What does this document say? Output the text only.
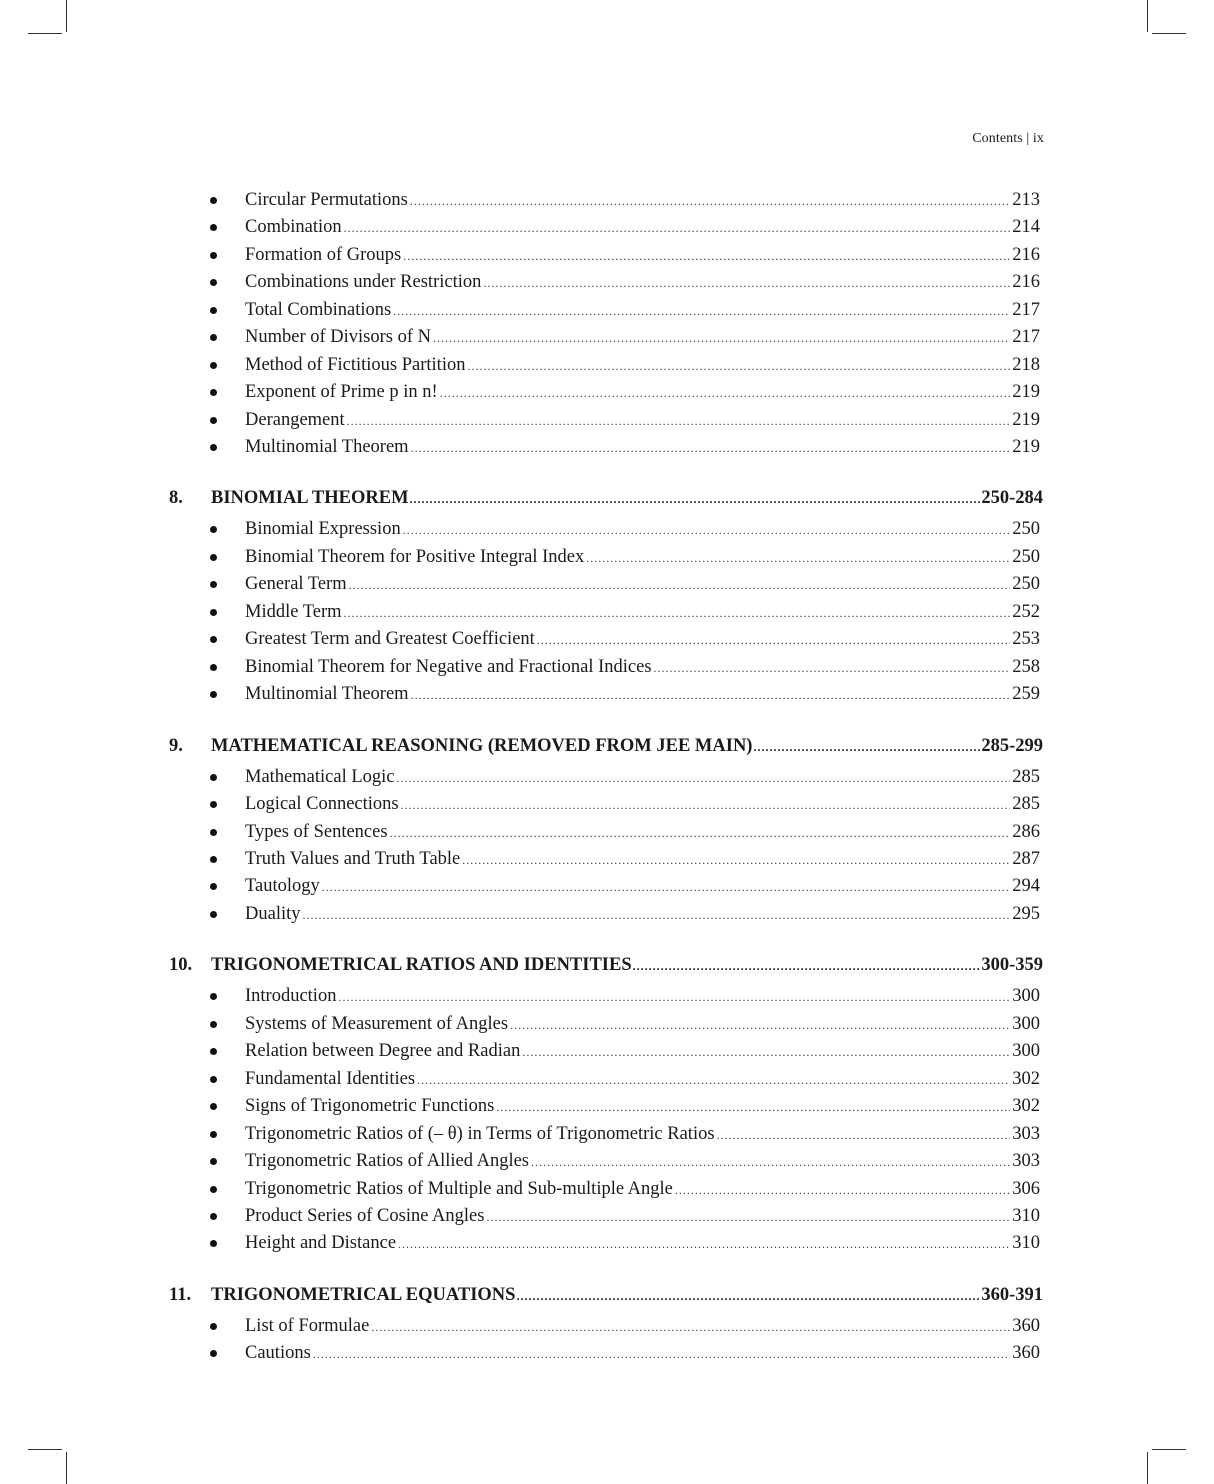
Contents | ix
Circular Permutations .....	213
Combination .....	214
Formation of Groups .....	216
Combinations under Restriction .....	216
Total Combinations .....	217
Number of Divisors of N .....	217
Method of Fictitious Partition .....	218
Exponent of Prime p in n! .....	219
Derangement .....	219
Multinomial Theorem .....	219
8.	BINOMIAL THEOREM .....	250-284
Binomial Expression .....	250
Binomial Theorem for Positive Integral Index .....	250
General Term .....	250
Middle Term .....	252
Greatest Term and Greatest Coefficient .....	253
Binomial Theorem for Negative and Fractional Indices .....	258
Multinomial Theorem .....	259
9.	MATHEMATICAL REASONING (REMOVED FROM JEE MAIN) .....	285-299
Mathematical Logic .....	285
Logical Connections .....	285
Types of Sentences .....	286
Truth Values and Truth Table .....	287
Tautology .....	294
Duality .....	295
10.	TRIGONOMETRICAL RATIOS AND IDENTITIES .....	300-359
Introduction .....	300
Systems of Measurement of Angles .....	300
Relation between Degree and Radian .....	300
Fundamental Identities .....	302
Signs of Trigonometric Functions .....	302
Trigonometric Ratios of (– θ) in Terms of Trigonometric Ratios .....	303
Trigonometric Ratios of Allied Angles .....	303
Trigonometric Ratios of Multiple and Sub-multiple Angle .....	306
Product Series of Cosine Angles .....	310
Height and Distance .....	310
11.	TRIGONOMETRICAL EQUATIONS .....	360-391
List of Formulae .....	360
Cautions .....	360
